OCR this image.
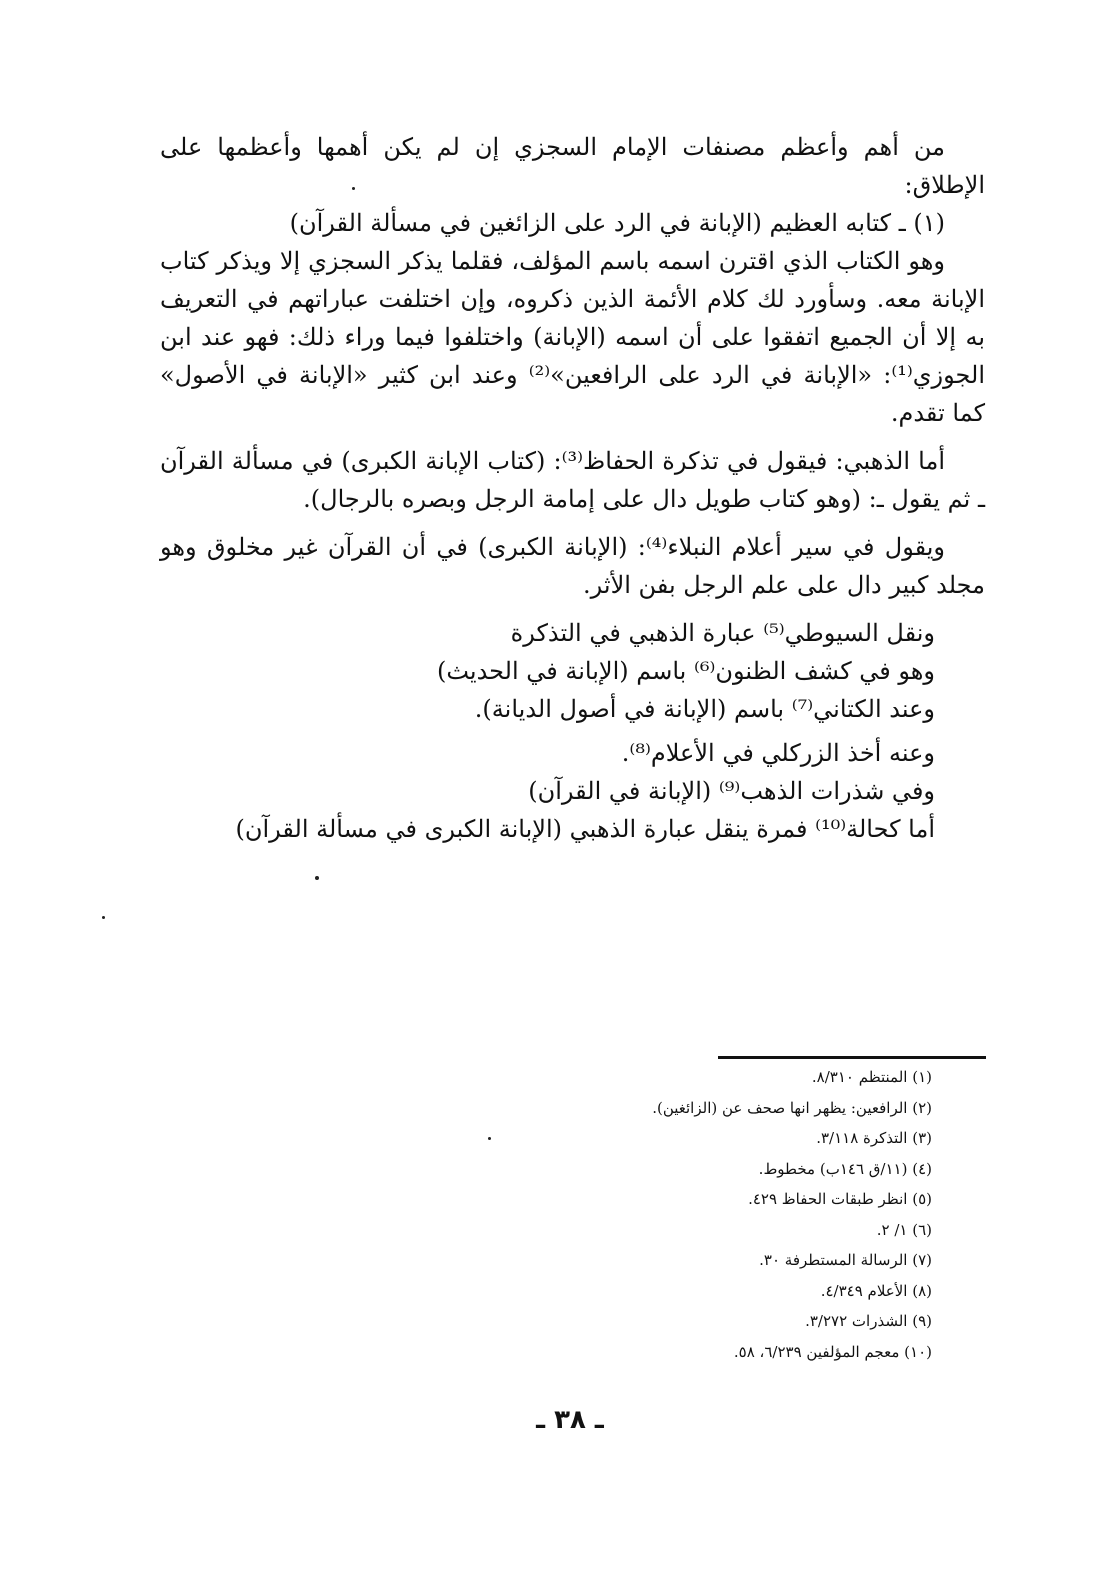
من أهم وأعظم مصنفات الإمام السجزي إن لم يكن أهمها وأعظمها على الإطلاق:

(١) ـ كتابه العظيم (الإبانة في الرد على الزائغين في مسألة القرآن)

وهو الكتاب الذي اقترن اسمه باسم المؤلف، فقلما يذكر السجزي إلا ويذكر كتاب الإبانة معه. وسأورد لك كلام الأئمة الذين ذكروه، وإن اختلفت عباراتهم في التعريف به إلا أن الجميع اتفقوا على أن اسمه (الإبانة) واختلفوا فيما وراء ذلك: فهو عند ابن الجوزي⁽¹⁾: «الإبانة في الرد على الرافعين»⁽²⁾ وعند ابن كثير «الإبانة في الأصول» كما تقدم.

أما الذهبي: فيقول في تذكرة الحفاظ⁽³⁾: (كتاب الإبانة الكبرى) في مسألة القرآن ـ ثم يقول ـ: (وهو كتاب طويل دال على إمامة الرجل وبصره بالرجال).

ويقول في سير أعلام النبلاء⁽⁴⁾: (الإبانة الكبرى) في أن القرآن غير مخلوق وهو مجلد كبير دال على علم الرجل بفن الأثر.

ونقل السيوطي⁽⁵⁾ عبارة الذهبي في التذكرة

وهو في كشف الظنون⁽⁶⁾ باسم (الإبانة في الحديث)

وعند الكتاني⁽⁷⁾ باسم (الإبانة في أصول الديانة).

وعنه أخذ الزركلي في الأعلام⁽⁸⁾.

وفي شذرات الذهب⁽⁹⁾ (الإبانة في القرآن)

أما كحالة⁽¹⁰⁾ فمرة ينقل عبارة الذهبي (الإبانة الكبرى في مسألة القرآن)

(١) المنتظم ٨/٣١٠.

(٢) الرافعين: يظهر انها صحف عن (الزائغين).

(٣) التذكرة ٣/١١٨.

(٤) (١١/ق ١٤٦ب) مخطوط.

(٥) انظر طبقات الحفاظ ٤٢٩.

(٦) ١/ ٢.

(٧) الرسالة المستطرفة ٣٠.

(٨) الأعلام ٤/٣٤٩.

(٩) الشذرات ٣/٢٧٢.

(١٠) معجم المؤلفين ٦/٢٣٩، ٥٨.

ـ ٣٨ ـ
